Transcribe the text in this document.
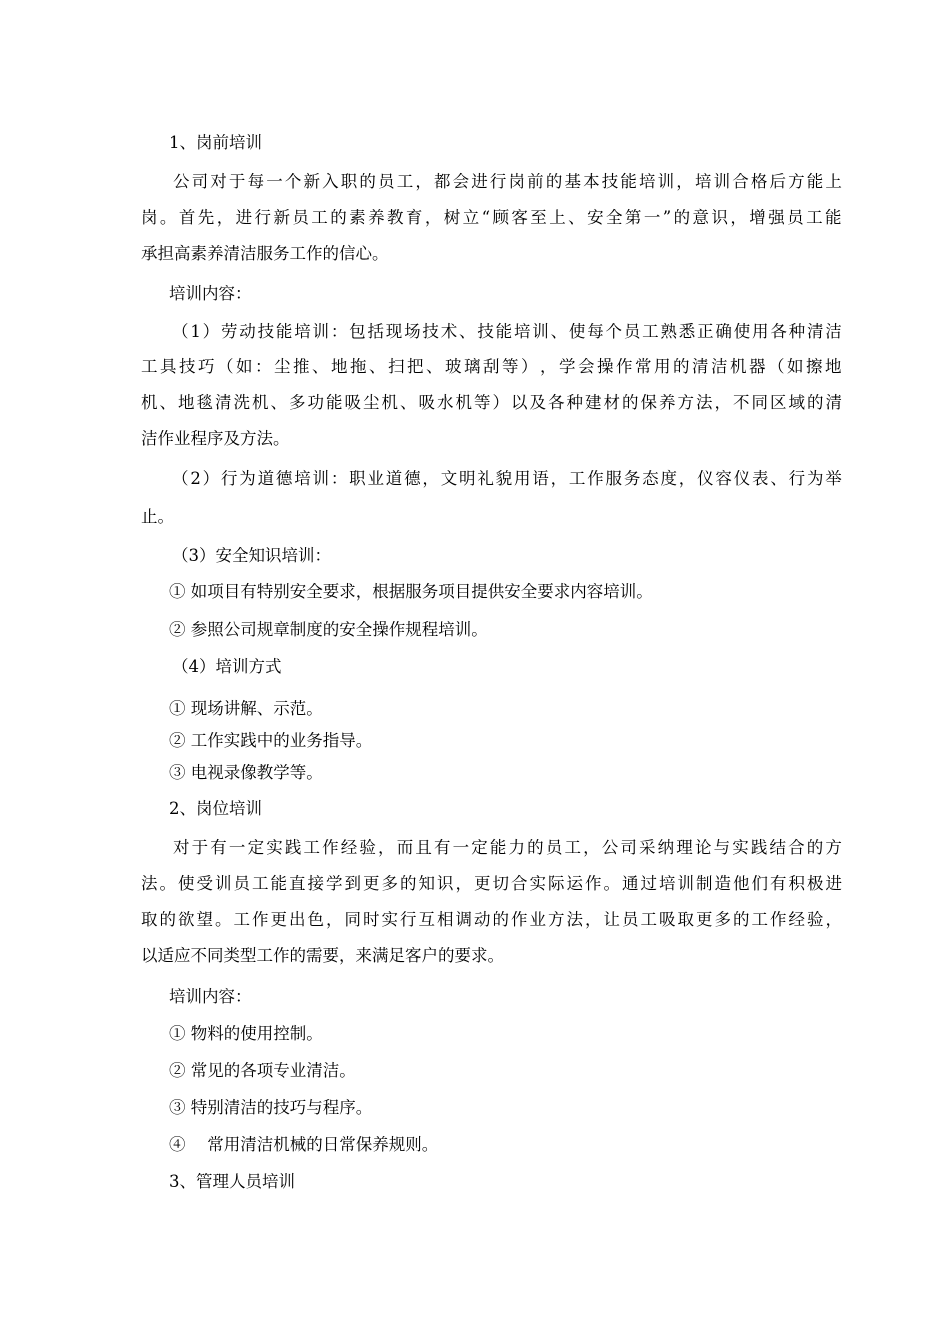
1、岗前培训

公 司 对 于 每 一 个 新 入 职 的 员 工 ， 都 会 进 行 岗 前 的 基 本 技 能 培 训 ， 培 训 合 格 后 方 能 上

岗 。 首 先 ， 进 行 新 员 工 的 素 养 教 育 ， 树 立 “ 顾 客 至 上 、 安 全 第 一 ” 的 意 识 ， 增 强 员 工 能

承担高素养清洁服务工作的信心。

培训内容：

（ 1 ） 劳 动 技 能 培 训 ： 包 括 现 场 技 术 、 技 能 培 训 、 使 每 个 员 工 熟 悉 正 确 使 用 各 种 清 洁

工 具 技 巧 （ 如 ： 尘 推 、 地 拖 、 扫 把 、 玻 璃 刮 等 ） ， 学 会 操 作 常 用 的 清 洁 机 器 （ 如 擦 地

机 、 地 毯 清 洗 机 、 多 功 能 吸 尘 机 、 吸 水 机 等 ） 以 及 各 种 建 材 的 保 养 方 法 ， 不 同 区 域 的 清

洁作业程序及方法。

（ 2 ） 行 为 道 德 培 训 ： 职 业 道 德 ， 文 明 礼 貌 用 语 ， 工 作 服 务 态 度 ， 仪 容 仪 表 、 行 为 举

止。

（3）安全知识培训：

① 如项目有特别安全要求，根据服务项目提供安全要求内容培训。

② 参照公司规章制度的安全操作规程培训。

（4）培训方式

① 现场讲解、示范。

② 工作实践中的业务指导。

③ 电视录像教学等。

2、岗位培训

对 于 有 一 定 实 践 工 作 经 验 ， 而 且 有 一 定 能 力 的 员 工 ， 公 司 采 纳 理 论 与 实 践 结 合 的 方

法 。 使 受 训 员 工 能 直 接 学 到 更 多 的 知 识 ， 更 切 合 实 际 运 作 。 通 过 培 训 制 造 他 们 有 积 极 进

取 的 欲 望 。 工 作 更 出 色 ， 同 时 实 行 互 相 调 动 的 作 业 方 法 ， 让 员 工 吸 取 更 多 的 工 作 经 验 ，

以适应不同类型工作的需要，来满足客户的要求。

培训内容：

① 物料的使用控制。

② 常见的各项专业清洁。

③ 特别清洁的技巧与程序。

④ 　常用清洁机械的日常保养规则。

3、管理人员培训
